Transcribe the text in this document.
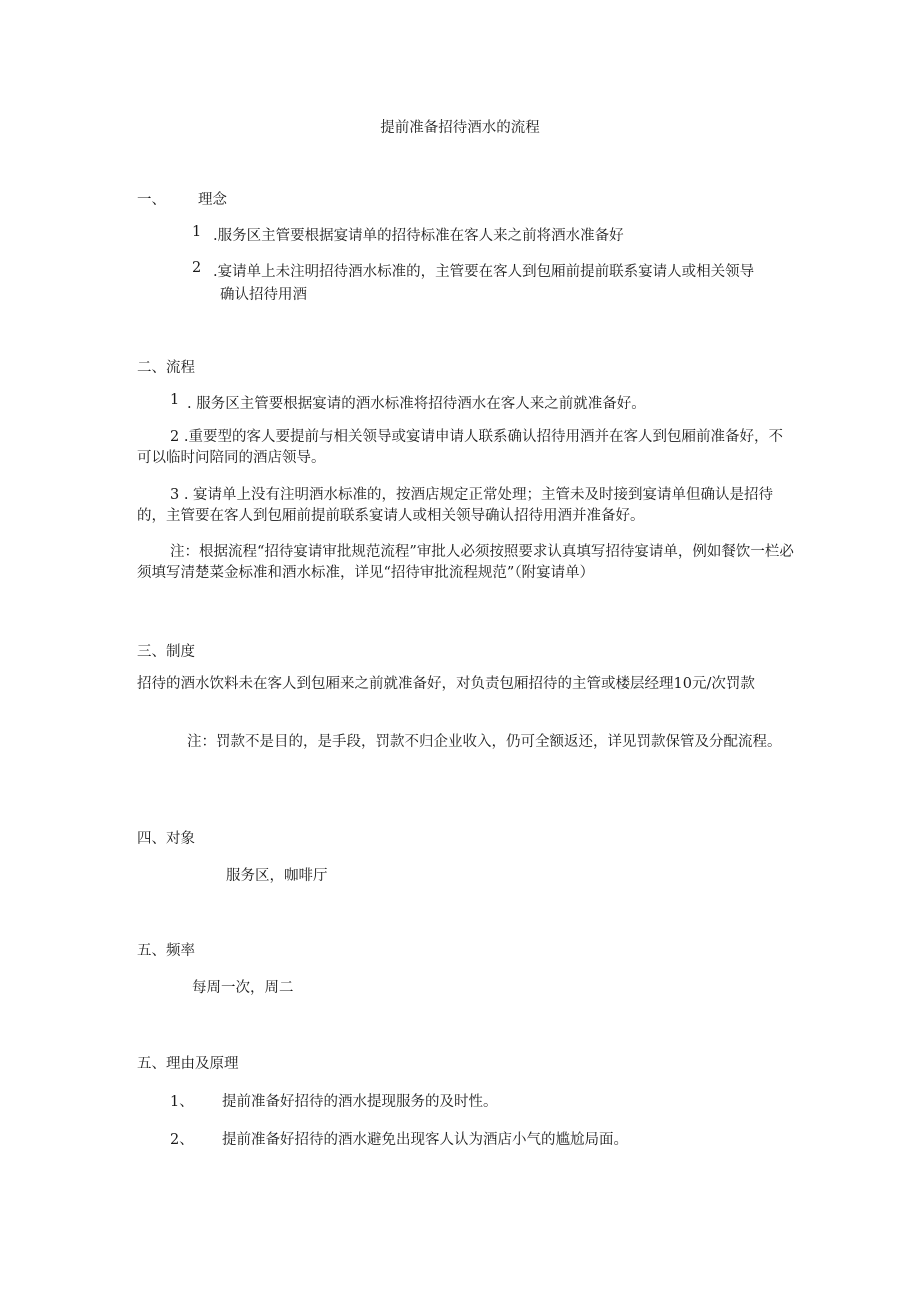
提前准备招待酒水的流程
一、 理念
1 .服务区主管要根据宴请单的招待标准在客人来之前将酒水准备好
2 .宴请单上未注明招待酒水标准的，主管要在客人到包厢前提前联系宴请人或相关领导
确认招待用酒
二、流程
1 . 服务区主管要根据宴请的酒水标准将招待酒水在客人来之前就准备好。
2 .重要型的客人要提前与相关领导或宴请申请人联系确认招待用酒并在客人到包厢前准备好，不可以临时问陪同的酒店领导。
3 . 宴请单上没有注明酒水标准的，按酒店规定正常处理；主管未及时接到宴请单但确认是招待的，主管要在客人到包厢前提前联系宴请人或相关领导确认招待用酒并准备好。
注：根据流程“招待宴请审批规范流程”审批人必须按照要求认真填写招待宴请单，例如餐饮一栏必须填写清楚菜金标准和酒水标准，详见“招待审批流程规范”（附宴请单）
三、制度
招待的酒水饮料未在客人到包厢来之前就准备好，对负责包厢招待的主管或楼层经理10元/次罚款
注：罚款不是目的，是手段，罚款不归企业收入，仍可全额返还，详见罚款保管及分配流程。
四、对象
服务区，咖啡厅
五、频率
每周一次，周二
五、理由及原理
1、 提前准备好招待的酒水提现服务的及时性。
2、 提前准备好招待的酒水避免出现客人认为酒店小气的尴尬局面。
